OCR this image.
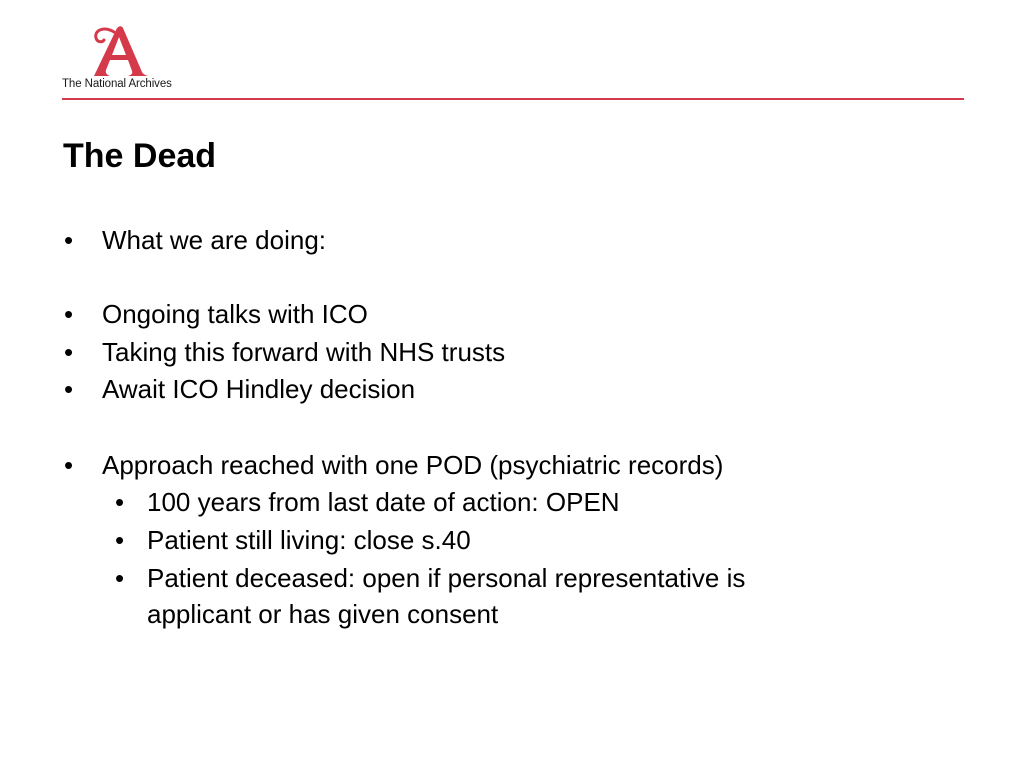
The National Archives
The Dead
• What we are doing:
• Ongoing talks with ICO
• Taking this forward with NHS trusts
• Await ICO Hindley decision
• Approach reached with one POD (psychiatric records)
• 100 years from last date of action: OPEN
• Patient still living: close s.40
• Patient deceased: open if personal representative is
applicant or has given consent
